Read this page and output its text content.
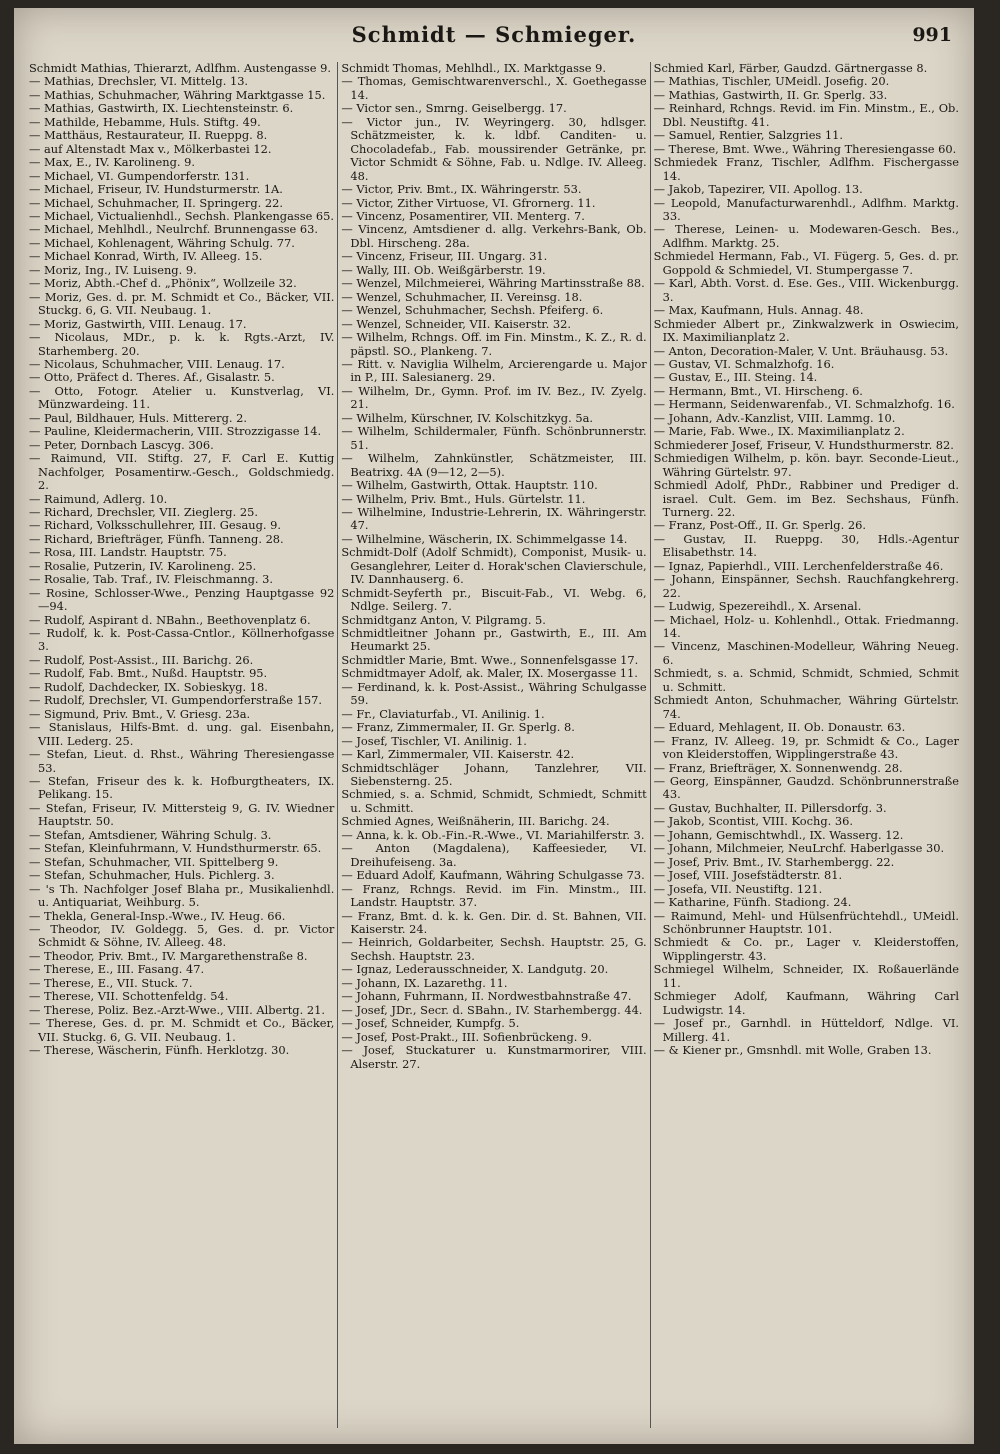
Schmidt — Schmieger.	991
Schmidt Mathias, Thierarzt, Adlfhm. Austengasse 9.
— Mathias, Drechsler, VI. Mittelg. 13.
— Mathias, Schuhmacher, Währing Marktgasse 15.
— Mathias, Gastwirth, IX. Liechtensteinstr. 6.
— Mathilde, Hebamme, Huls. Stiftg. 49.
— Matthäus, Restaurateur, II. Rueppg. 8.
— auf Altenstadt Max v., Mölkerbastei 12.
— Max, E., IV. Karolineng. 9.
— Michael, VI. Gumpendorferstr. 131.
— Michael, Friseur, IV. Hundsturmerstr. 1A.
— Michael, Schuhmacher, II. Springerg. 22.
— Michael, Victualienhdl., Sechsh. Plankengasse 65.
— Michael, Mehlhdl., Neulrchf. Brunnengasse 63.
— Michael, Kohlenagent, Währing Schulg. 77.
— Michael Konrad, Wirth, IV. Alleeg. 15.
— Moriz, Ing., IV. Luiseng. 9.
— Moriz, Abth.-Chef d. „Phönix“, Wollzeile 32.
— Moriz, Ges. d. pr. M. Schmidt et Co., Bäcker, VII. Stuckg. 6, G. VII. Neubaug. 1.
— Moriz, Gastwirth, VIII. Lenaug. 17.
— Nicolaus, MDr., p. k. k. Rgts.-Arzt, IV. Starhemberg. 20.
— Nicolaus, Schuhmacher, VIII. Lenaug. 17.
— Otto, Präfect d. Theres. Af., Gisalastr. 5.
— Otto, Fotogr. Atelier u. Kunstverlag, VI. Münzwardeing. 11.
— Paul, Bildhauer, Huls. Mittererg. 2.
— Pauline, Kleidermacherin, VIII. Strozzigasse 14.
— Peter, Dornbach Lascyg. 306.
— Raimund, VII. Stiftg. 27, F. Carl E. Kuttig Nachfolger, Posamentirw.-Gesch., Goldschmiedg. 2.
— Raimund, Adlerg. 10.
— Richard, Drechsler, VII. Zieglerg. 25.
— Richard, Volksschullehrer, III. Gesaug. 9.
— Richard, Briefträger, Fünfh. Tanneng. 28.
— Rosa, III. Landstr. Hauptstr. 75.
— Rosalie, Putzerin, IV. Karolineng. 25.
— Rosalie, Tab. Traf., IV. Fleischmanng. 3.
— Rosine, Schlosser-Wwe., Penzing Hauptgasse 92—94.
— Rudolf, Aspirant d. NBahn., Beethovenplatz 6.
— Rudolf, k. k. Post-Cassa-Cntlor., Köllnerhofgasse 3.
— Rudolf, Post-Assist., III. Barichg. 26.
— Rudolf, Fab. Bmt., Nußd. Hauptstr. 95.
— Rudolf, Dachdecker, IX. Sobieskyg. 18.
— Rudolf, Drechsler, VI. Gumpendorferstraße 157.
— Sigmund, Priv. Bmt., V. Griesg. 23a.
— Stanislaus, Hilfs-Bmt. d. ung. gal. Eisenbahn, VIII. Lederg. 25.
— Stefan, Lieut. d. Rhst., Währing Theresiengasse 53.
— Stefan, Friseur des k. k. Hofburgtheaters, IX. Pelikang. 15.
— Stefan, Friseur, IV. Mittersteig 9, G. IV. Wiedner Hauptstr. 50.
— Stefan, Amtsdiener, Währing Schulg. 3.
— Stefan, Kleinfuhrmann, V. Hundsthurmerstr. 65.
— Stefan, Schuhmacher, VII. Spittelberg 9.
— Stefan, Schuhmacher, Huls. Pichlerg. 3.
— 's Th. Nachfolger Josef Blaha pr., Musikalienhdl. u. Antiquariat, Weihburg. 5.
— Thekla, General-Insp.-Wwe., IV. Heug. 66.
— Theodor, IV. Goldegg. 5, Ges. d. pr. Victor Schmidt & Söhne, IV. Alleeg. 48.
— Theodor, Priv. Bmt., IV. Margarethenstraße 8.
— Therese, E., III. Fasang. 47.
— Therese, E., VII. Stuck. 7.
— Therese, VII. Schottenfeldg. 54.
— Therese, Poliz. Bez.-Arzt-Wwe., VIII. Albertg. 21.
— Therese, Ges. d. pr. M. Schmidt et Co., Bäcker, VII. Stuckg. 6, G. VII. Neubaug. 1.
— Therese, Wäscherin, Fünfh. Herklotzg. 30.
Schmidt Thomas, Mehlhdl., IX. Marktgasse 9.
— Thomas, Gemischtwarenverschl., X. Goethegasse 14.
— Victor sen., Smrng. Geiselbergg. 17.
— Victor jun., IV. Weyringerg. 30, hdlsger. Schätzmeister, k. k. ldbf. Canditen- u. Chocoladefab., Fab. moussirender Getränke, pr. Victor Schmidt & Söhne, Fab. u. Ndlge. IV. Alleeg. 48.
— Victor, Priv. Bmt., IX. Währingerstr. 53.
— Victor, Zither Virtuose, VI. Gfrornerg. 11.
— Vincenz, Posamentirer, VII. Menterg. 7.
— Vincenz, Amtsdiener d. allg. Verkehrs-Bank, Ob. Dbl. Hirscheng. 28a.
— Vincenz, Friseur, III. Ungarg. 31.
— Wally, III. Ob. Weißgärberstr. 19.
— Wenzel, Milchmeierei, Währing Martinsstraße 88.
— Wenzel, Schuhmacher, II. Vereinsg. 18.
— Wenzel, Schuhmacher, Sechsh. Pfeiferg. 6.
— Wenzel, Schneider, VII. Kaiserstr. 32.
— Wilhelm, Rchngs. Off. im Fin. Minstm., K. Z., R. d. päpstl. SO., Plankeng. 7.
— Ritt. v. Naviglia Wilhelm, Arcierengarde u. Major in P., III. Salesianerg. 29.
— Wilhelm, Dr., Gymn. Prof. im IV. Bez., IV. Zyelg. 21.
— Wilhelm, Kürschner, IV. Kolschitzkyg. 5a.
— Wilhelm, Schildermaler, Fünfh. Schönbrunnerstr. 51.
— Wilhelm, Zahnkünstler, Schätzmeister, III. Beatrixg. 4A (9—12, 2—5).
— Wilhelm, Gastwirth, Ottak. Hauptstr. 110.
— Wilhelm, Priv. Bmt., Huls. Gürtelstr. 11.
— Wilhelmine, Industrie-Lehrerin, IX. Währingerstr. 47.
— Wilhelmine, Wäscherin, IX. Schimmelgasse 14.
Schmidt-Dolf (Adolf Schmidt), Componist, Musik- u. Gesanglehrer, Leiter d. Horak'schen Clavierschule, IV. Dannhauserg. 6.
Schmidt-Seyferth pr., Biscuit-Fab., VI. Webg. 6, Ndlge. Seilerg. 7.
Schmidtganz Anton, V. Pilgramg. 5.
Schmidtleitner Johann pr., Gastwirth, E., III. Am Heumarkt 25.
Schmidtler Marie, Bmt. Wwe., Sonnenfelsgasse 17.
Schmidtmayer Adolf, ak. Maler, IX. Mosergasse 11.
— Ferdinand, k. k. Post-Assist., Währing Schulgasse 59.
— Fr., Claviaturfab., VI. Anilinig. 1.
— Franz, Zimmermaler, II. Gr. Sperlg. 8.
— Josef, Tischler, VI. Anilinig. 1.
— Karl, Zimmermaler, VII. Kaiserstr. 42.
Schmidtschläger Johann, Tanzlehrer, VII. Siebensterng. 25.
Schmied, s. a. Schmid, Schmidt, Schmiedt, Schmitt u. Schmitt.
Schmied Agnes, Weißnäherin, III. Barichg. 24.
— Anna, k. k. Ob.-Fin.-R.-Wwe., VI. Mariahilferstr. 3.
— Anton (Magdalena), Kaffeesieder, VI. Dreihufeiseng. 3a.
— Eduard Adolf, Kaufmann, Währing Schulgasse 73.
— Franz, Rchngs. Revid. im Fin. Minstm., III. Landstr. Hauptstr. 37.
— Franz, Bmt. d. k. k. Gen. Dir. d. St. Bahnen, VII. Kaiserstr. 24.
— Heinrich, Goldarbeiter, Sechsh. Hauptstr. 25, G. Sechsh. Hauptstr. 23.
— Ignaz, Lederausschneider, X. Landgutg. 20.
— Johann, IX. Lazarethg. 11.
— Johann, Fuhrmann, II. Nordwestbahnstraße 47.
— Josef, JDr., Secr. d. SBahn., IV. Starhembergg. 44.
— Josef, Schneider, Kumpfg. 5.
— Josef, Post-Prakt., III. Sofienbrückeng. 9.
— Josef, Stuckaturer u. Kunstmarmorirer, VIII. Alserstr. 27.
Schmied Karl, Färber, Gaudzd. Gärtnergasse 8.
— Mathias, Tischler, UMeidl. Josefig. 20.
— Mathias, Gastwirth, II. Gr. Sperlg. 33.
— Reinhard, Rchngs. Revid. im Fin. Minstm., E., Ob. Dbl. Neustiftg. 41.
— Samuel, Rentier, Salzgries 11.
— Therese, Bmt. Wwe., Währing Theresiengasse 60.
Schmiedek Franz, Tischler, Adlfhm. Fischergasse 14.
— Jakob, Tapezirer, VII. Apollog. 13.
— Leopold, Manufacturwarenhdl., Adlfhm. Marktg. 33.
— Therese, Leinen- u. Modewaren-Gesch. Bes., Adlfhm. Marktg. 25.
Schmiedel Hermann, Fab., VI. Fügerg. 5, Ges. d. pr. Goppold & Schmiedel, VI. Stumpergasse 7.
— Karl, Abth. Vorst. d. Ese. Ges., VIII. Wickenburgg. 3.
— Max, Kaufmann, Huls. Annag. 48.
Schmieder Albert pr., Zinkwalzwerk in Oswiecim, IX. Maximilianplatz 2.
— Anton, Decoration-Maler, V. Unt. Bräuhausg. 53.
— Gustav, VI. Schmalzhofg. 16.
— Gustav, E., III. Steing. 14.
— Hermann, Bmt., VI. Hirscheng. 6.
— Hermann, Seidenwarenfab., VI. Schmalzhofg. 16.
— Johann, Adv.-Kanzlist, VIII. Lammg. 10.
— Marie, Fab. Wwe., IX. Maximilianplatz 2.
Schmiederer Josef, Friseur, V. Hundsthurmerstr. 82.
Schmiedigen Wilhelm, p. kön. bayr. Seconde-Lieut., Währing Gürtelstr. 97.
Schmiedl Adolf, PhDr., Rabbiner und Prediger d. israel. Cult. Gem. im Bez. Sechshaus, Fünfh. Turnerg. 22.
— Franz, Post-Off., II. Gr. Sperlg. 26.
— Gustav, II. Rueppg. 30, Hdls.-Agentur Elisabethstr. 14.
— Ignaz, Papierhdl., VIII. Lerchenfelderstraße 46.
— Johann, Einspänner, Sechsh. Rauchfangkehrerg. 22.
— Ludwig, Spezereihdl., X. Arsenal.
— Michael, Holz- u. Kohlenhdl., Ottak. Friedmanng. 14.
— Vincenz, Maschinen-Modelleur, Währing Neueg. 6.
Schmiedt, s. a. Schmid, Schmidt, Schmied, Schmit u. Schmitt.
Schmiedt Anton, Schuhmacher, Währing Gürtelstr. 74.
— Eduard, Mehlagent, II. Ob. Donaustr. 63.
— Franz, IV. Alleeg. 19, pr. Schmidt & Co., Lager von Kleiderstoffen, Wipplingerstraße 43.
— Franz, Briefträger, X. Sonnenwendg. 28.
— Georg, Einspänner, Gaudzd. Schönbrunnerstraße 43.
— Gustav, Buchhalter, II. Pillersdorfg. 3.
— Jakob, Scontist, VIII. Kochg. 36.
— Johann, Gemischtwhdl., IX. Wasserg. 12.
— Johann, Milchmeier, NeuLrchf. Haberlgasse 30.
— Josef, Priv. Bmt., IV. Starhembergg. 22.
— Josef, VIII. Josefstädterstr. 81.
— Josefa, VII. Neustiftg. 121.
— Katharine, Fünfh. Stadiong. 24.
— Raimund, Mehl- und Hülsenfrüchtehdl., UMeidl. Schönbrunner Hauptstr. 101.
Schmiedt & Co. pr., Lager v. Kleiderstoffen, Wipplingerstr. 43.
Schmiegel Wilhelm, Schneider, IX. Roßauerlände 11.
Schmieger Adolf, Kaufmann, Währing Carl Ludwigstr. 14.
— Josef pr., Garnhdl. in Hütteldorf, Ndlge. VI. Millerg. 41.
— & Kiener pr., Gmsnhdl. mit Wolle, Graben 13.
